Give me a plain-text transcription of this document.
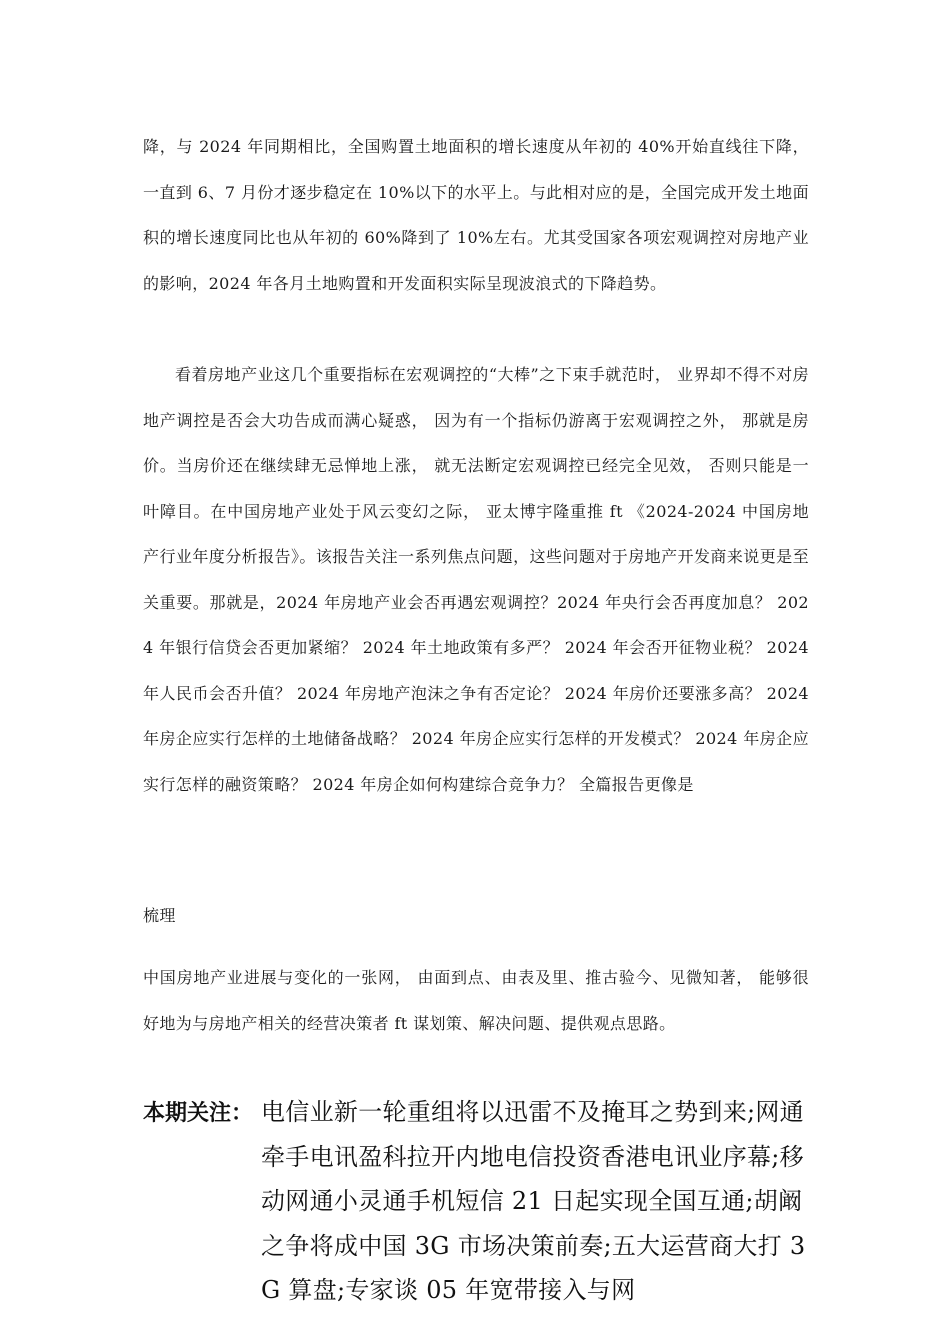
降，与 2024 年同期相比，全国购置土地面积的增长速度从年初的 40%开始直线往下降，一直到 6、7 月份才逐步稳定在 10%以下的水平上。与此相对应的是，全国完成开发土地面积的增长速度同比也从年初的 60%降到了 10%左右。尤其受国家各项宏观调控对房地产业的影响，2024 年各月土地购置和开发面积实际呈现波浪式的下降趋势。

看着房地产业这几个重要指标在宏观调控的“大棒”之下束手就范时， 业界却不得不对房地产调控是否会大功告成而满心疑惑， 因为有一个指标仍游离于宏观调控之外， 那就是房价。当房价还在继续肆无忌惮地上涨， 就无法断定宏观调控已经完全见效， 否则只能是一叶障目。在中国房地产业处于风云变幻之际， 亚太博宇隆重推 ft 《2024-2024 中国房地产行业年度分析报告》。该报告关注一系列焦点问题，这些问题对于房地产开发商来说更是至关重要。那就是，2024 年房地产业会否再遇宏观调控？2024 年央行会否再度加息？ 2024 年银行信贷会否更加紧缩？ 2024 年土地政策有多严？ 2024 年会否开征物业税？ 2024 年人民币会否升值？ 2024 年房地产泡沫之争有否定论？ 2024 年房价还要涨多高？ 2024 年房企应实行怎样的土地储备战略？ 2024 年房企应实行怎样的开发模式？ 2024 年房企应实行怎样的融资策略？ 2024 年房企如何构建综合竞争力？ 全篇报告更像是

梳理

中国房地产业进展与变化的一张网， 由面到点、由表及里、推古验今、见微知著， 能够很好地为与房地产相关的经营决策者 ft 谋划策、解决问题、提供观点思路。

本期关注： 电信业新一轮重组将以迅雷不及掩耳之势到来;网通牵手电讯盈科拉开内地电信投资香港电讯业序幕;移动网通小灵通手机短信 21 日起实现全国互通;胡阚之争将成中国 3G 市场决策前奏;五大运营商大打 3G 算盘;专家谈 05 年宽带接入与网
